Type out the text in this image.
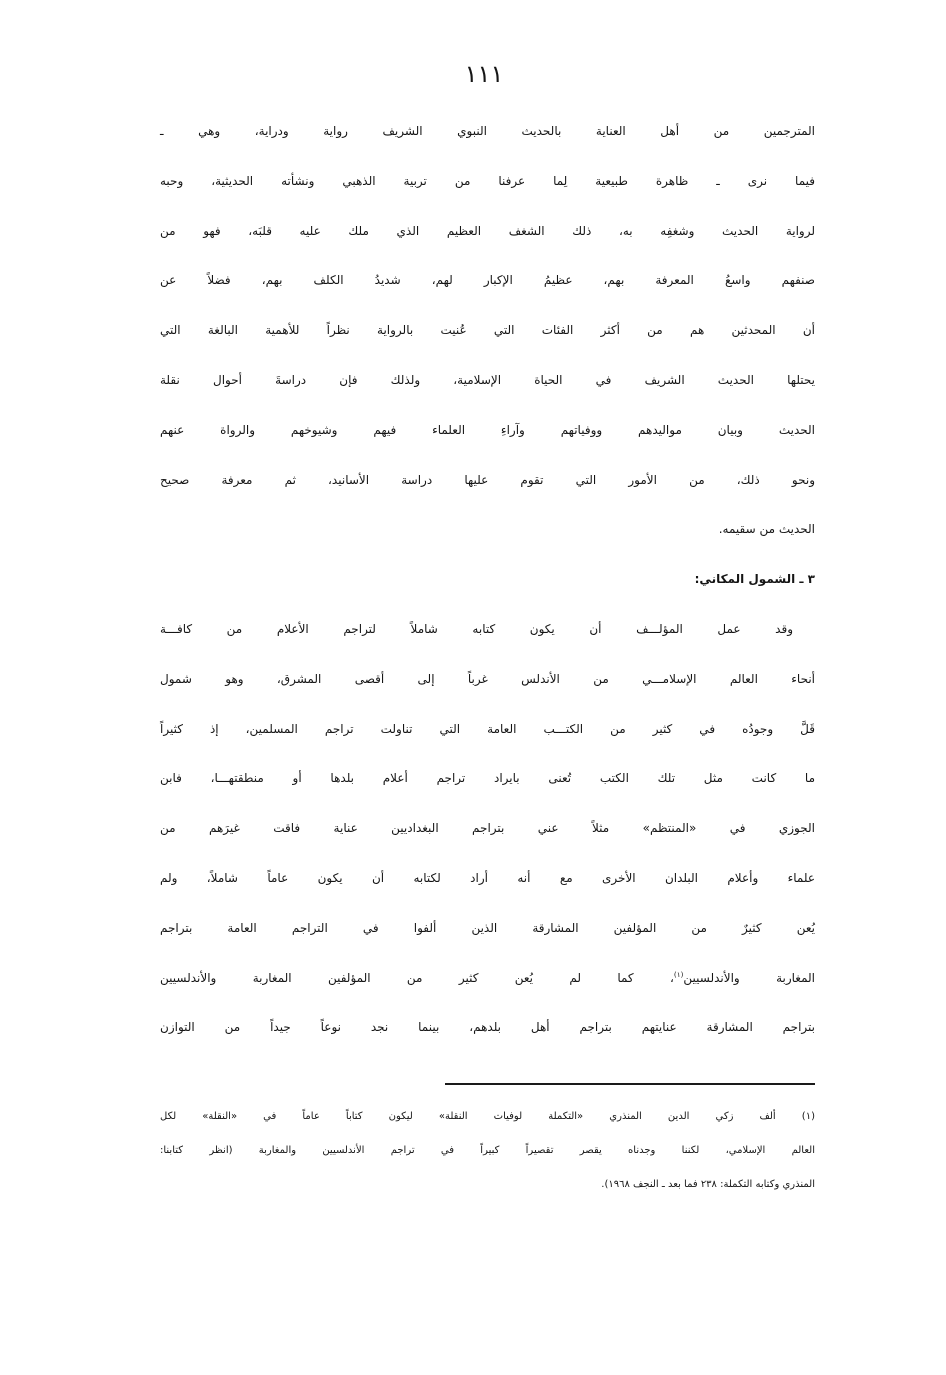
١١١
المترجمين من أهل العناية بالحديث النبوي الشريف رواية ودراية، وهي ـ
فيما نرى ـ ظاهرة طبيعية لِما عرفنا من تربية الذهبي ونشأته الحديثية، وحبه
لرواية الحديث وشغفِه به، ذلك الشغف العظيم الذي ملك عليه قلبَه، فهو من
صنفهم واسعُ المعرفة بهم، عظيمُ الإكبار لهم، شديدُ الكلف بهم، فضلاً عن
أن المحدثين هم من أكثر الفئات التي عُنيت بالرواية نظراً للأهمية البالغة التي
يحتلها الحديث الشريف في الحياة الإسلامية، ولذلك فإن دراسةَ أحوال نقلة
الحديث وبيان مواليدهم ووفياتهم وآراءِ العلماء فيهم وشيوخهم والرواة عنهم
ونحو ذلك، من الأمور التي تقوم عليها دراسة الأسانيد، ثم معرفة صحيح
الحديث من سقيمه.
٣ ـ الشمول المكاني:
وقد عمل المؤلـــف أن يكون كتابه شاملاً لتراجم الأعلام من كافـــة
أنحاء العالم الإسلامـــي من الأندلس غرباً إلى أقصى المشرق، وهو شمول
قَلَّ وجودُه في كثير من الكتـــب العامة التي تناولت تراجم المسلمين، إذ كثيراً
ما كانت مثل تلك الكتب تُعنى بايراد تراجم أعلام بلدها أو منطقتهـــا، فابن
الجوزي في «المنتظم» مثلاً عني بتراجم البغداديين عناية فاقت غيرَهم من
علماء وأعلام البلدان الأخرى مع أنه أراد لكتابه أن يكون عاماً شاملاً، ولم
يُعن كثيرٌ من المؤلفين المشارقة الذين ألفوا في التراجم العامة بتراجم
المغاربة والأندلسيين$^{(١)}$، كما لم يُعن كثير من المؤلفين المغاربة والأندلسيين
بتراجم المشارقة عنايتهم بتراجم أهل بلدهم، بينما نجد نوعاً جيداً من التوازن
(١) ألف زكي الدين المنذري «التكملة لوفيات النقلة» ليكون كتاباً عاماً في «النقلة» لكل
العالم الإسلامي، لكننا وجدناه يقصر تقصيراً كبيراً في تراجم الأندلسيين والمغاربة (انظر كتابنا:
المنذري وكتابه التكملة: ٢٣٨ فما بعد ـ النجف ١٩٦٨).
